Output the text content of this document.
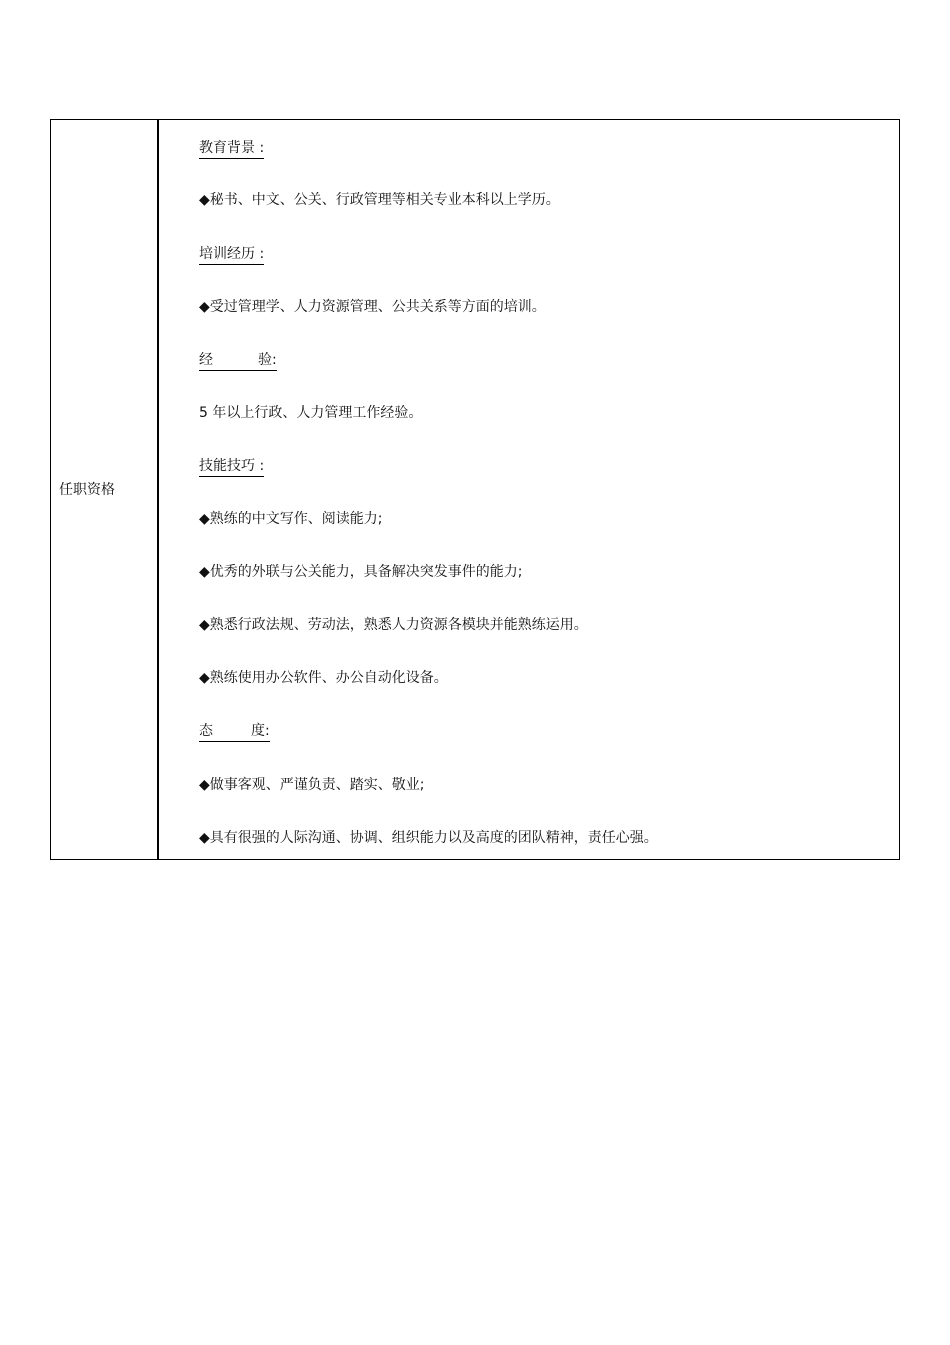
任职资格
教育背景 :
◆秘书、中文、公关、行政管理等相关专业本科以上学历。
培训经历 :
◆受过管理学、人力资源管理、公共关系等方面的培训。
经	验:
5 年以上行政、人力管理工作经验。
技能技巧 :
◆熟练的中文写作、阅读能力;
◆优秀的外联与公关能力，具备解决突发事件的能力;
◆熟悉行政法规、劳动法，熟悉人力资源各模块并能熟练运用。
◆熟练使用办公软件、办公自动化设备。
态	度:
◆做事客观、严谨负责、踏实、敬业;
◆具有很强的人际沟通、协调、组织能力以及高度的团队精神，责任心强。
